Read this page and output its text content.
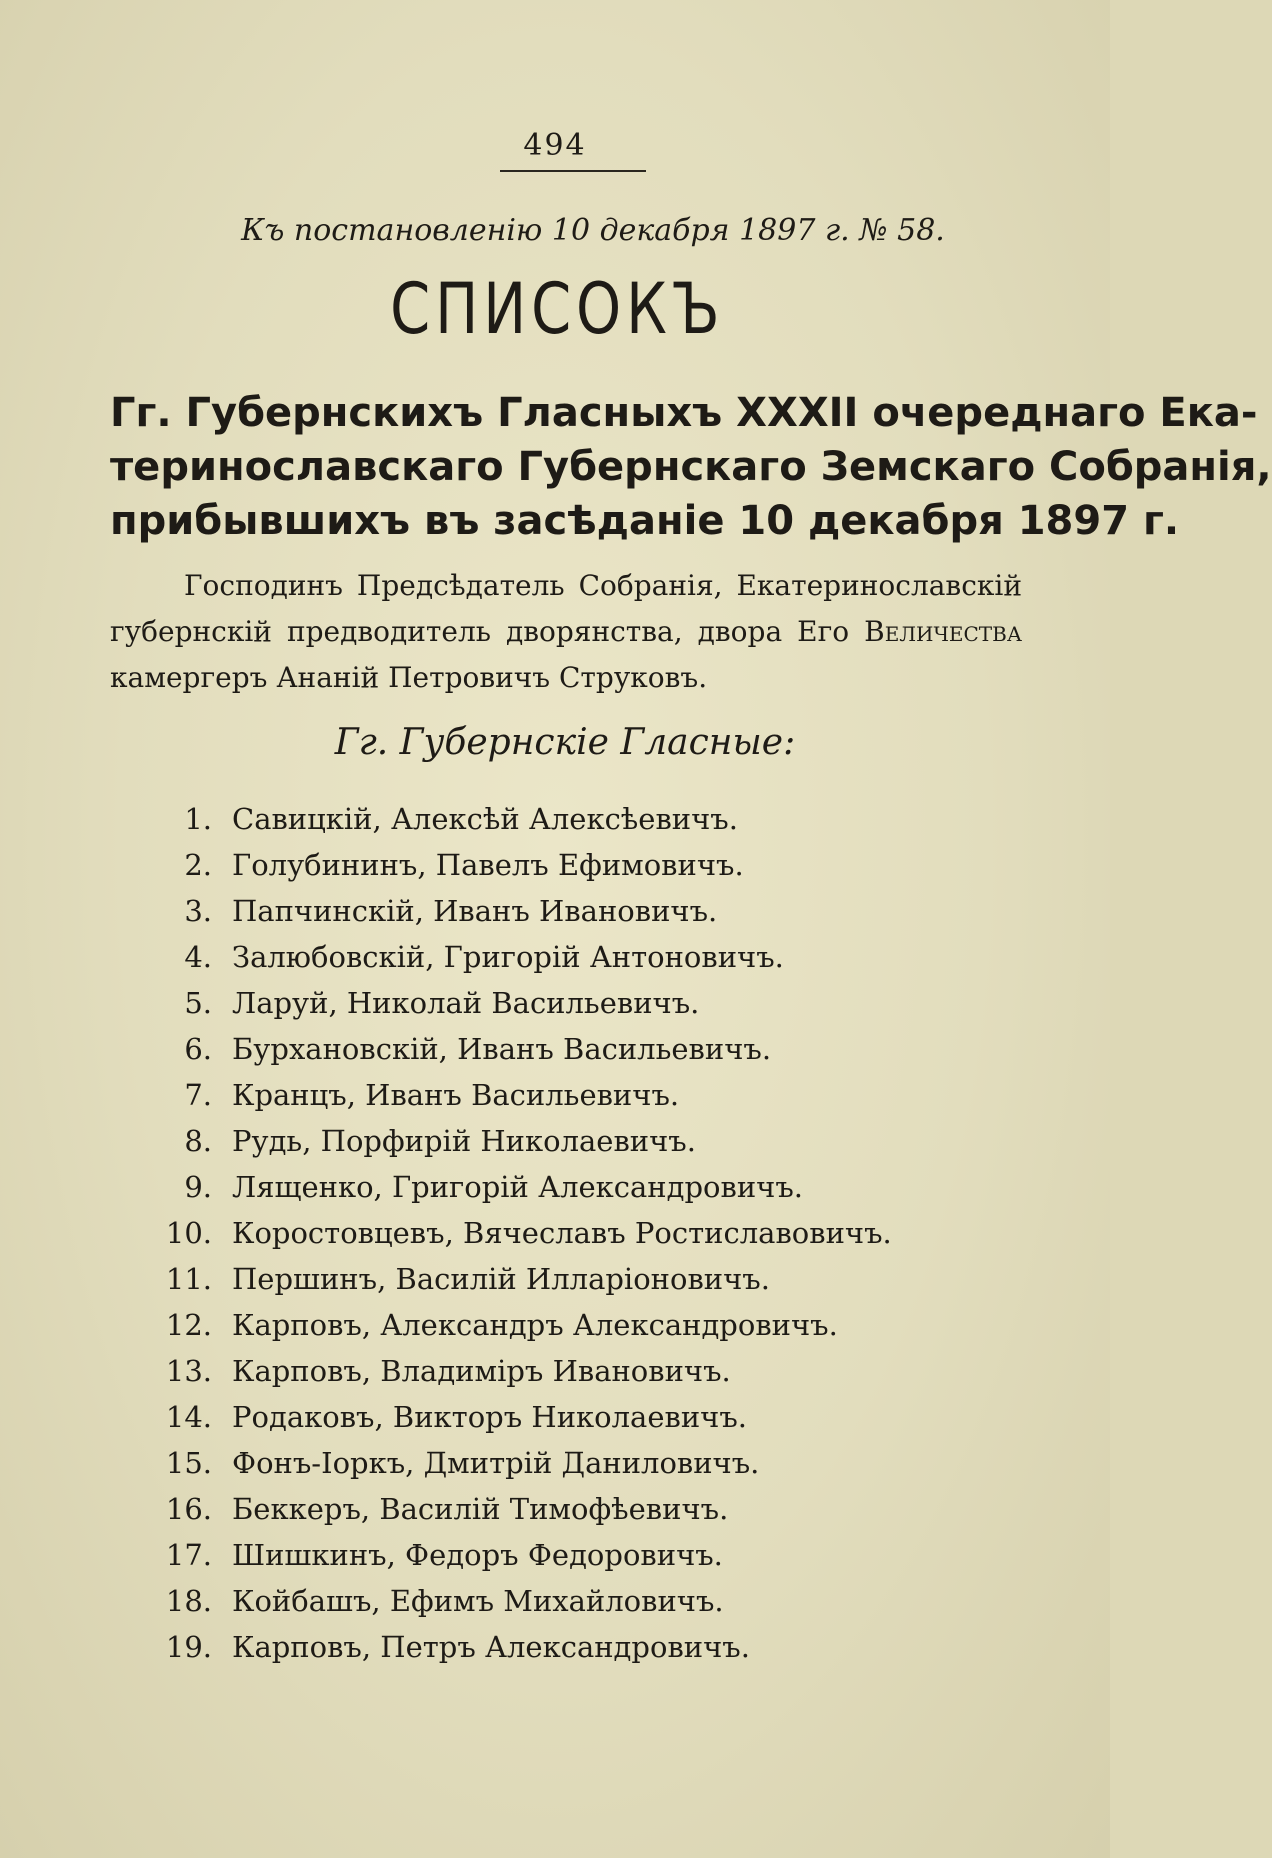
494
Къ постановленію 10 декабря 1897 г. № 58.
СПИСОКЪ
Гг. Губернскихъ Гласныхъ XXXII очереднаго Ека-
теринославскаго Губернскаго Земскаго Собранія,
прибывшихъ въ засѣданіе 10 декабря 1897 г.
Господинъ Предсѣдатель Собранія, Екатеринославскій
губернскій предводитель дворянства, двора Его Величества
камергеръ Ананій Петровичъ Струковъ.
Гг. Губернскіе Гласные:
1. Савицкій, Алексѣй Алексѣевичъ.
2. Голубининъ, Павелъ Ефимовичъ.
3. Папчинскій, Иванъ Ивановичъ.
4. Залюбовскій, Григорій Антоновичъ.
5. Ларуй, Николай Васильевичъ.
6. Бурхановскій, Иванъ Васильевичъ.
7. Кранцъ, Иванъ Васильевичъ.
8. Рудь, Порфирій Николаевичъ.
9. Лященко, Григорій Александровичъ.
10. Коростовцевъ, Вячеславъ Ростиславовичъ.
11. Першинъ, Василій Илларіоновичъ.
12. Карповъ, Александръ Александровичъ.
13. Карповъ, Владиміръ Ивановичъ.
14. Родаковъ, Викторъ Николаевичъ.
15. Фонъ-Іоркъ, Дмитрій Даниловичъ.
16. Беккеръ, Василій Тимофѣевичъ.
17. Шишкинъ, Федоръ Федоровичъ.
18. Койбашъ, Ефимъ Михайловичъ.
19. Карповъ, Петръ Александровичъ.
